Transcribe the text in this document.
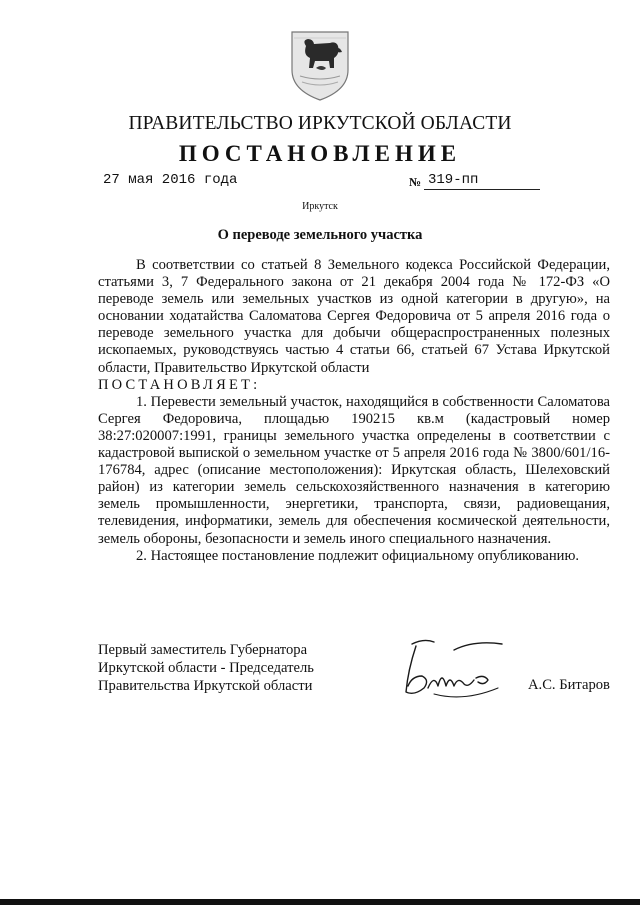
ПРАВИТЕЛЬСТВО ИРКУТСКОЙ ОБЛАСТИ
ПОСТАНОВЛЕНИЕ
27 мая 2016 года	№ 319-пп
Иркутск
О переводе земельного участка

В соответствии со статьей 8 Земельного кодекса Российской Федерации, статьями 3, 7 Федерального закона от 21 декабря 2004 года № 172-ФЗ «О переводе земель или земельных участков из одной категории в другую», на основании ходатайства Саломатова Сергея Федоровича от 5 апреля 2016 года о переводе земельного участка для добычи общераспространенных полезных ископаемых, руководствуясь частью 4 статьи 66, статьей 67 Устава Иркутской области, Правительство Иркутской области

ПОСТАНОВЛЯЕТ:

1. Перевести земельный участок, находящийся в собственности Саломатова Сергея Федоровича, площадью 190215 кв.м (кадастровый номер 38:27:020007:1991, границы земельного участка определены в соответствии с кадастровой выпиской о земельном участке от 5 апреля 2016 года № 3800/601/16-176784, адрес (описание местоположения): Иркутская область, Шелеховский район) из категории земель сельскохозяйственного назначения в категорию земель промышленности, энергетики, транспорта, связи, радиовещания, телевидения, информатики, земель для обеспечения космической деятельности, земель обороны, безопасности и земель иного специального назначения.

2. Настоящее постановление подлежит официальному опубликованию.

Первый заместитель Губернатора
Иркутской области - Председатель
Правительства Иркутской области	А.С. Битаров
